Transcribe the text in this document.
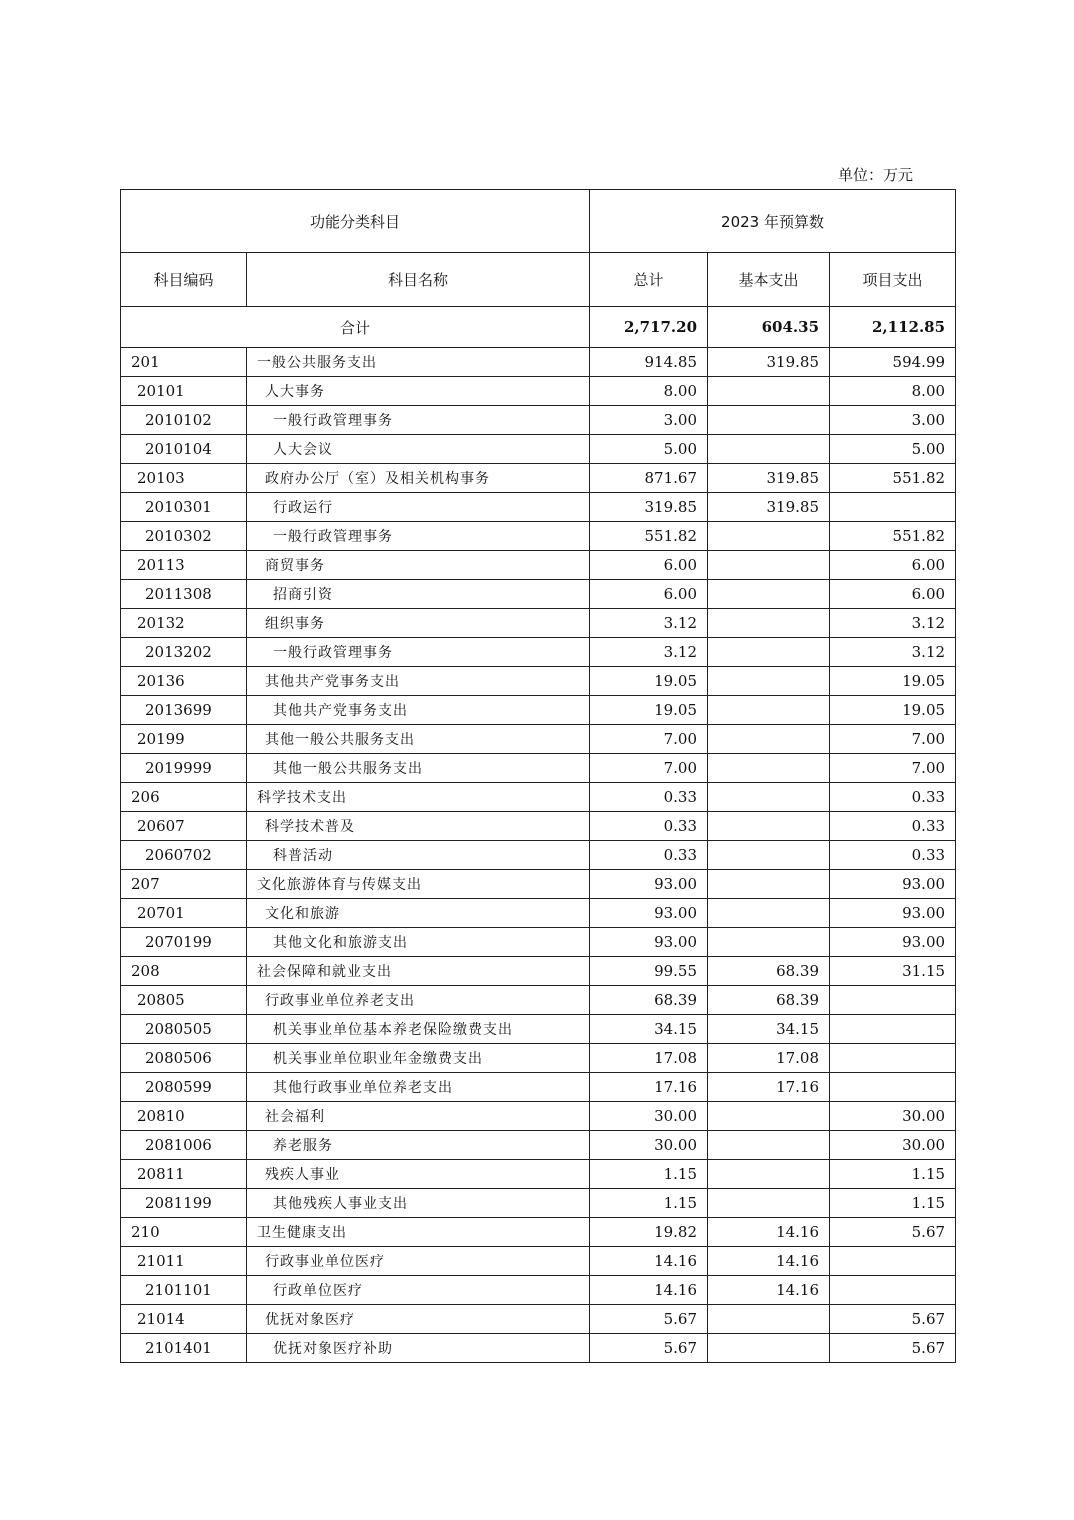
单位：万元
功能分类科目		2023 年预算数		
科目编码	科目名称	总计	基本支出	项目支出
合计		2,717.20	604.35	2,112.85
201	一般公共服务支出	914.85	319.85	594.99
20101	人大事务	8.00		8.00
2010102	一般行政管理事务	3.00		3.00
2010104	人大会议	5.00		5.00
20103	政府办公厅（室）及相关机构事务	871.67	319.85	551.82
2010301	行政运行	319.85	319.85	
2010302	一般行政管理事务	551.82		551.82
20113	商贸事务	6.00		6.00
2011308	招商引资	6.00		6.00
20132	组织事务	3.12		3.12
2013202	一般行政管理事务	3.12		3.12
20136	其他共产党事务支出	19.05		19.05
2013699	其他共产党事务支出	19.05		19.05
20199	其他一般公共服务支出	7.00		7.00
2019999	其他一般公共服务支出	7.00		7.00
206	科学技术支出	0.33		0.33
20607	科学技术普及	0.33		0.33
2060702	科普活动	0.33		0.33
207	文化旅游体育与传媒支出	93.00		93.00
20701	文化和旅游	93.00		93.00
2070199	其他文化和旅游支出	93.00		93.00
208	社会保障和就业支出	99.55	68.39	31.15
20805	行政事业单位养老支出	68.39	68.39	
2080505	机关事业单位基本养老保险缴费支出	34.15	34.15	
2080506	机关事业单位职业年金缴费支出	17.08	17.08	
2080599	其他行政事业单位养老支出	17.16	17.16	
20810	社会福利	30.00		30.00
2081006	养老服务	30.00		30.00
20811	残疾人事业	1.15		1.15
2081199	其他残疾人事业支出	1.15		1.15
210	卫生健康支出	19.82	14.16	5.67
21011	行政事业单位医疗	14.16	14.16	
2101101	行政单位医疗	14.16	14.16	
21014	优抚对象医疗	5.67		5.67
2101401	优抚对象医疗补助	5.67		5.67
